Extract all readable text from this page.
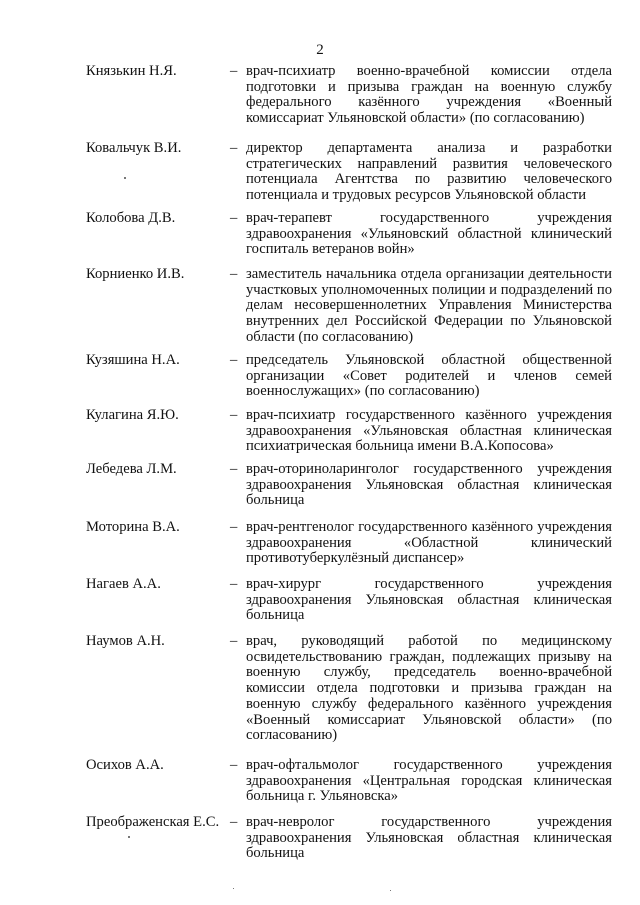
2
Князькин Н.Я.	– врач-психиатр военно-врачебной комиссии отдела подготовки и призыва граждан на военную службу федерального казённого учреждения «Военный комиссариат Ульяновской области» (по согласованию)
Ковальчук В.И.	– директор департамента анализа и разработки стратегических направлений развития человеческого потенциала Агентства по развитию человеческого потенциала и трудовых ресурсов Ульяновской области
Колобова Д.В.	– врач-терапевт государственного учреждения здравоохранения «Ульяновский областной клинический госпиталь ветеранов войн»
Корниенко И.В.	– заместитель начальника отдела организации деятельности участковых уполномоченных полиции и подразделений по делам несовершеннолетних Управления Министерства внутренних дел Российской Федерации по Ульяновской области (по согласованию)
Кузяшина Н.А.	– председатель Ульяновской областной общественной организации «Совет родителей и членов семей военнослужащих» (по согласованию)
Кулагина Я.Ю.	– врач-психиатр государственного казённого учреждения здравоохранения «Ульяновская областная клиническая психиатрическая больница имени В.А.Копосова»
Лебедева Л.М.	– врач-оториноларинголог государственного учреждения здравоохранения Ульяновская областная клиническая больница
Моторина В.А.	– врач-рентгенолог государственного казённого учреждения здравоохранения «Областной клинический противотуберкулёзный диспансер»
Нагаев А.А.	– врач-хирург государственного учреждения здравоохранения Ульяновская областная клиническая больница
Наумов А.Н.	– врач, руководящий работой по медицинскому освидетельствованию граждан, подлежащих призыву на военную службу, председатель военно-врачебной комиссии отдела подготовки и призыва граждан на военную службу федерального казённого учреждения «Военный комиссариат Ульяновской области» (по согласованию)
Осихов А.А.	– врач-офтальмолог государственного учреждения здравоохранения «Центральная городская клиническая больница г. Ульяновска»
Преображенская Е.С. – врач-невролог государственного учреждения здравоохранения Ульяновская областная клиническая больница
